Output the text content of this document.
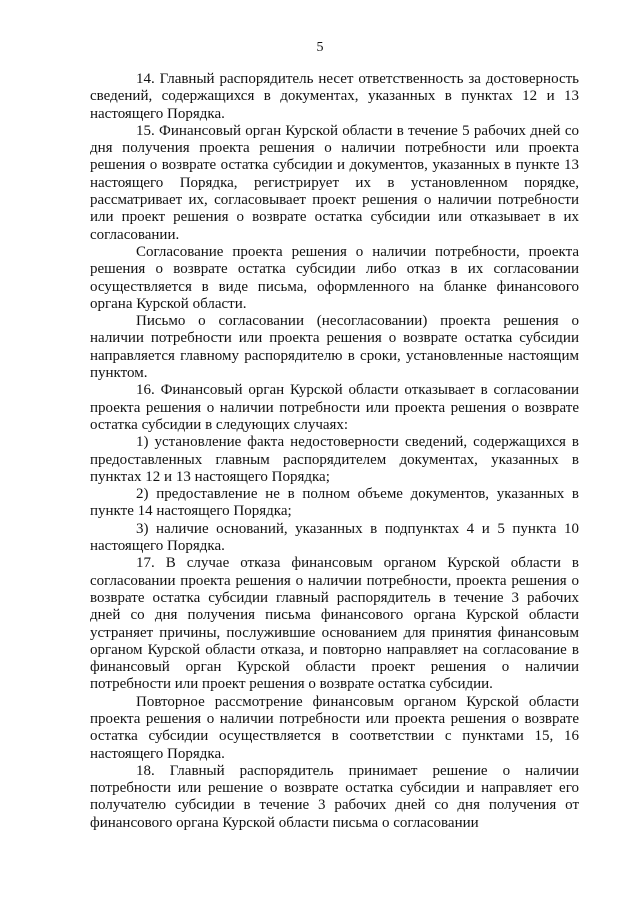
5

14. Главный распорядитель несет ответственность за достоверность сведений, содержащихся в документах, указанных в пунктах 12 и 13 настоящего Порядка.

15. Финансовый орган Курской области в течение 5 рабочих дней со дня получения проекта решения о наличии потребности или проекта решения о возврате остатка субсидии и документов, указанных в пункте 13 настоящего Порядка, регистрирует их в установленном порядке, рассматривает их, согласовывает проект решения о наличии потребности или проект решения о возврате остатка субсидии или отказывает в их согласовании.

Согласование проекта решения о наличии потребности, проекта решения о возврате остатка субсидии либо отказ в их согласовании осуществляется в виде письма, оформленного на бланке финансового органа Курской области.

Письмо о согласовании (несогласовании) проекта решения о наличии потребности или проекта решения о возврате остатка субсидии направляется главному распорядителю в сроки, установленные настоящим пунктом.

16. Финансовый орган Курской области отказывает в согласовании проекта решения о наличии потребности или проекта решения о возврате остатка субсидии в следующих случаях:

1) установление факта недостоверности сведений, содержащихся в предоставленных главным распорядителем документах, указанных в пунктах 12 и 13 настоящего Порядка;

2) предоставление не в полном объеме документов, указанных в пункте 14 настоящего Порядка;

3) наличие оснований, указанных в подпунктах 4 и 5 пункта 10 настоящего Порядка.

17. В случае отказа финансовым органом Курской области в согласовании проекта решения о наличии потребности, проекта решения о возврате остатка субсидии главный распорядитель в течение 3 рабочих дней со дня получения письма финансового органа Курской области устраняет причины, послужившие основанием для принятия финансовым органом Курской области отказа, и повторно направляет на согласование в финансовый орган Курской области проект решения о наличии потребности или проект решения о возврате остатка субсидии.

Повторное рассмотрение финансовым органом Курской области проекта решения о наличии потребности или проекта решения о возврате остатка субсидии осуществляется в соответствии с пунктами 15, 16 настоящего Порядка.

18. Главный распорядитель принимает решение о наличии потребности или решение о возврате остатка субсидии и направляет его получателю субсидии в течение 3 рабочих дней со дня получения от финансового органа Курской области письма о согласовании
